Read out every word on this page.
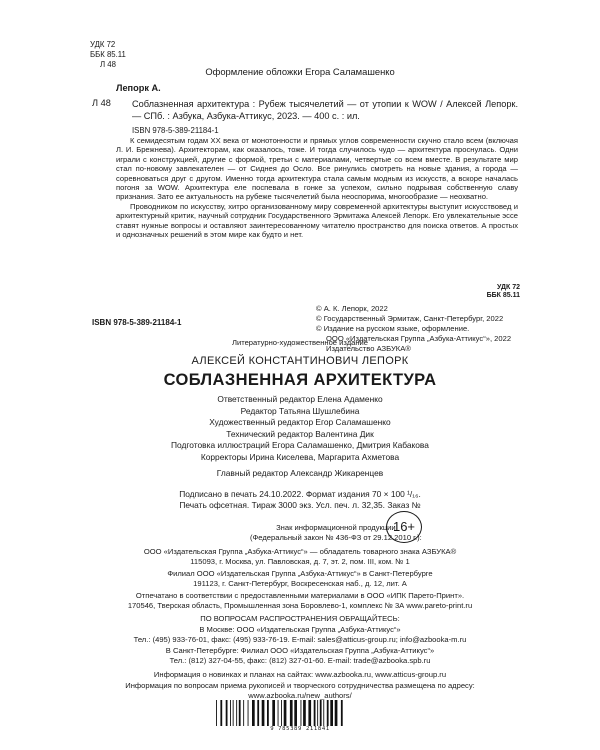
УДК 72
ББК 85.11
Л 48
Оформление обложки Егора Саламашенко
Лепорк А.
Л 48 Соблазненная архитектура : Рубеж тысячелетий — от утопии к WOW / Алексей Лепорк. — СПб. : Азбука, Азбука-Аттикус, 2023. — 400 с. : ил.
ISBN 978-5-389-21184-1

К семидесятым годам XX века от монотонности и прямых углов современности скучно стало всем (включая Л. И. Брежнева). Архитекторам, как оказалось, тоже. И тогда случилось чудо — архитектура проснулась. Одни играли с конструкцией, другие с формой, третьи с материалами, четвертые со всем вместе. В результате мир стал по-новому завлекателен — от Сиднея до Осло. Все ринулись смотреть на новые здания, а города — соревноваться друг с другом. Именно тогда архитектура стала самым модным из искусств, а вскоре началась погоня за WOW. Архитектура еле поспевала в гонке за успехом, сильно подрывая собственную славу признания. Зато ее актуальность на рубеже тысячелетий была неоспорима, многообразие — неохватно.

Проводником по искусству, хитро организованному миру современной архитектуры выступит искусствовед и архитектурный критик, научный сотрудник Государственного Эрмитажа Алексей Лепорк. Его увлекательные эссе ставят нужные вопросы и оставляют заинтересованному читателю пространство для поиска ответов. А простых и однозначных решений в этом мире как будто и нет.

УДК 72
ББК 85.11
© А. К. Лепорк, 2022
© Государственный Эрмитаж, Санкт-Петербург, 2022
© Издание на русском языке, оформление.
ООО «Издательская Группа „Азбука-Аттикус“», 2022
Издательство АЗБУКА®
ISBN 978-5-389-21184-1
Литературно-художественное издание
АЛЕКСЕЙ КОНСТАНТИНОВИЧ ЛЕПОРК
СОБЛАЗНЕННАЯ АРХИТЕКТУРА
Ответственный редактор Елена Адаменко
Редактор Татьяна Шушлебина
Художественный редактор Егор Саламашенко
Технический редактор Валентина Дик
Подготовка иллюстраций Егора Саламашенко, Дмитрия Кабакова
Корректоры Ирина Киселева, Маргарита Ахметова
Главный редактор Александр Жикаренцев
Подписано в печать 24.10.2022. Формат издания 70 × 100 ¹/₁₆.
Печать офсетная. Тираж 3000 экз. Усл. печ. л. 32,35. Заказ №
Знак информационной продукции
(Федеральный закон № 436-ФЗ от 29.12.2010 г.):
16+
ООО «Издательская Группа „Азбука-Аттикус“» — обладатель товарного знака АЗБУКА®
115093, г. Москва, ул. Павловская, д. 7, эт. 2, пом. III, ком. № 1
Филиал ООО «Издательская Группа „Азбука-Аттикус“» в Санкт-Петербурге
191123, г. Санкт-Петербург, Воскресенская наб., д. 12, лит. А
Отпечатано в соответствии с предоставленными материалами в ООО «ИПК Парето-Принт».
170546, Тверская область, Промышленная зона Боровлево-1, комплекс № 3А www.pareto-print.ru
ПО ВОПРОСАМ РАСПРОСТРАНЕНИЯ ОБРАЩАЙТЕСЬ:
В Москве: ООО «Издательская Группа „Азбука-Аттикус“»
Тел.: (495) 933-76-01, факс: (495) 933-76-19. E-mail: sales@atticus-group.ru; info@azbooka-m.ru
В Санкт-Петербурге: Филиал ООО «Издательская Группа „Азбука-Аттикус“»
Тел.: (812) 327-04-55, факс: (812) 327-01-60. E-mail: trade@azbooka.spb.ru
Информация о новинках и планах на сайтах: www.azbooka.ru, www.atticus-group.ru
Информация по вопросам приема рукописей и творческого сотрудничества размещена по адресу:
www.azbooka.ru/new_authors/
9 785389 211841
